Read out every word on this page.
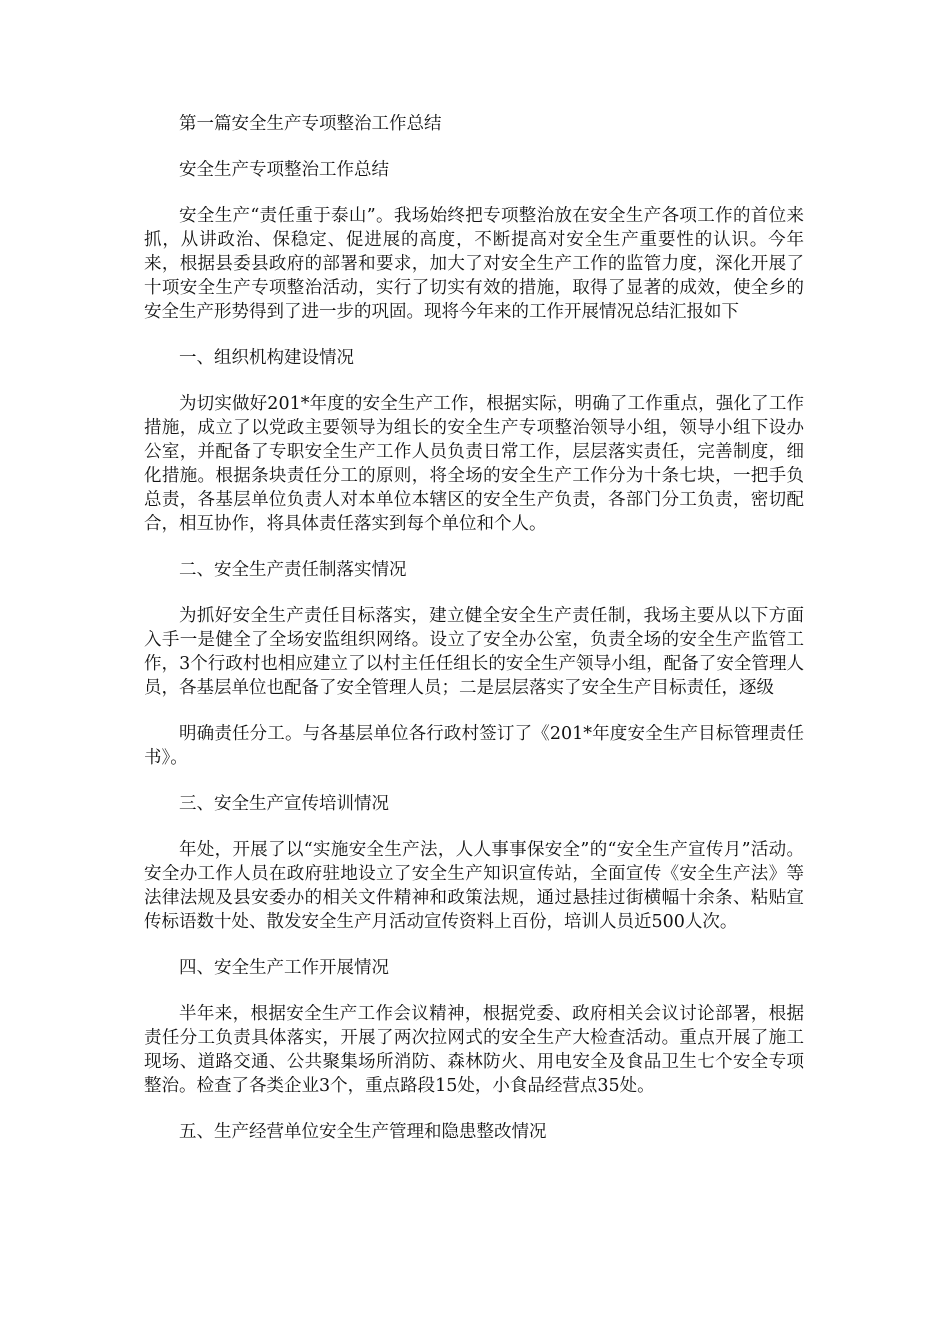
第一篇安全生产专项整治工作总结

安全生产专项整治工作总结

安全生产“责任重于泰山”。我场始终把专项整治放在安全生产各项工作的首位来抓，从讲政治、保稳定、促进展的高度，不断提高对安全生产重要性的认识。今年来，根据县委县政府的部署和要求，加大了对安全生产工作的监管力度，深化开展了十项安全生产专项整治活动，实行了切实有效的措施，取得了显著的成效，使全乡的安全生产形势得到了进一步的巩固。现将今年来的工作开展情况总结汇报如下

一、组织机构建设情况

为切实做好201*年度的安全生产工作，根据实际，明确了工作重点，强化了工作措施，成立了以党政主要领导为组长的安全生产专项整治领导小组，领导小组下设办公室，并配备了专职安全生产工作人员负责日常工作，层层落实责任，完善制度，细化措施。根据条块责任分工的原则，将全场的安全生产工作分为十条七块，一把手负总责，各基层单位负责人对本单位本辖区的安全生产负责，各部门分工负责，密切配合，相互协作，将具体责任落实到每个单位和个人。

二、安全生产责任制落实情况

为抓好安全生产责任目标落实，建立健全安全生产责任制，我场主要从以下方面入手一是健全了全场安监组织网络。设立了安全办公室，负责全场的安全生产监管工作，3个行政村也相应建立了以村主任任组长的安全生产领导小组，配备了安全管理人员，各基层单位也配备了安全管理人员；二是层层落实了安全生产目标责任，逐级

明确责任分工。与各基层单位各行政村签订了《201*年度安全生产目标管理责任书》。

三、安全生产宣传培训情况

年处，开展了以“实施安全生产法，人人事事保安全”的“安全生产宣传月”活动。安全办工作人员在政府驻地设立了安全生产知识宣传站，全面宣传《安全生产法》等法律法规及县安委办的相关文件精神和政策法规，通过悬挂过街横幅十余条、粘贴宣传标语数十处、散发安全生产月活动宣传资料上百份，培训人员近500人次。

四、安全生产工作开展情况

半年来，根据安全生产工作会议精神，根据党委、政府相关会议讨论部署，根据责任分工负责具体落实，开展了两次拉网式的安全生产大检查活动。重点开展了施工现场、道路交通、公共聚集场所消防、森林防火、用电安全及食品卫生七个安全专项整治。检查了各类企业3个，重点路段15处，小食品经营点35处。

五、生产经营单位安全生产管理和隐患整改情况
